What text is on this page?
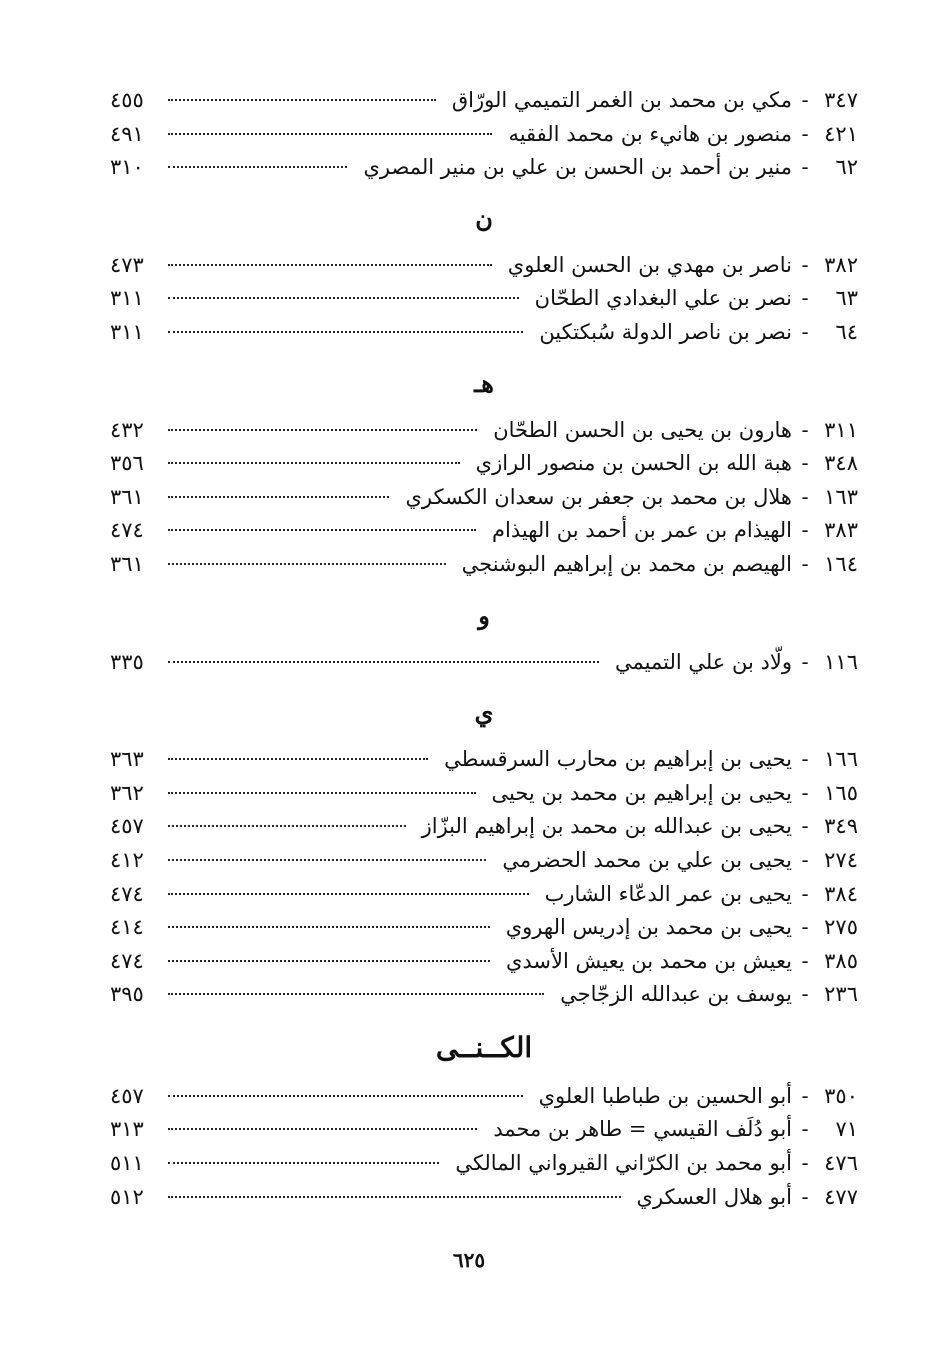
٣٤٧
-
مكي بن محمد بن الغمر التميمي الورّاق
٤٥٥
٤٢١
-
منصور بن هانيء بن محمد الفقيه
٤٩١
٦٢
-
منير بن أحمد بن الحسن بن علي بن منير المصري
٣١٠
ن
٣٨٢
-
ناصر بن مهدي بن الحسن العلوي
٤٧٣
٦٣
-
نصر بن علي البغدادي الطحّان
٣١١
٦٤
-
نصر بن ناصر الدولة سُبكتكين
٣١١
هـ
٣١١
-
هارون بن يحيى بن الحسن الطحّان
٤٣٢
٣٤٨
-
هبة الله بن الحسن بن منصور الرازي
٣٥٦
١٦٣
-
هلال بن محمد بن جعفر بن سعدان الكسكري
٣٦١
٣٨٣
-
الهيذام بن عمر بن أحمد بن الهيذام
٤٧٤
١٦٤
-
الهيصم بن محمد بن إبراهيم البوشنجي
٣٦١
و
١١٦
-
ولّاد بن علي التميمي
٣٣٥
ي
١٦٦
-
يحيى بن إبراهيم بن محارب السرقسطي
٣٦٣
١٦٥
-
يحيى بن إبراهيم بن محمد بن يحيى
٣٦٢
٣٤٩
-
يحيى بن عبدالله بن محمد بن إبراهيم البزّاز
٤٥٧
٢٧٤
-
يحيى بن علي بن محمد الحضرمي
٤١٢
٣٨٤
-
يحيى بن عمر الدعّاء الشارب
٤٧٤
٢٧٥
-
يحيى بن محمد بن إدريس الهروي
٤١٤
٣٨٥
-
يعيش بن محمد بن يعيش الأسدي
٤٧٤
٢٣٦
-
يوسف بن عبدالله الزجّاجي
٣٩٥
الكــنــى
٣٥٠
-
أبو الحسين بن طباطبا العلوي
٤٥٧
٧١
-
أبو دُلَف القيسي = طاهر بن محمد
٣١٣
٤٧٦
-
أبو محمد بن الكرّاني القيرواني المالكي
٥١١
٤٧٧
-
أبو هلال العسكري
٥١٢
٦٢٥
